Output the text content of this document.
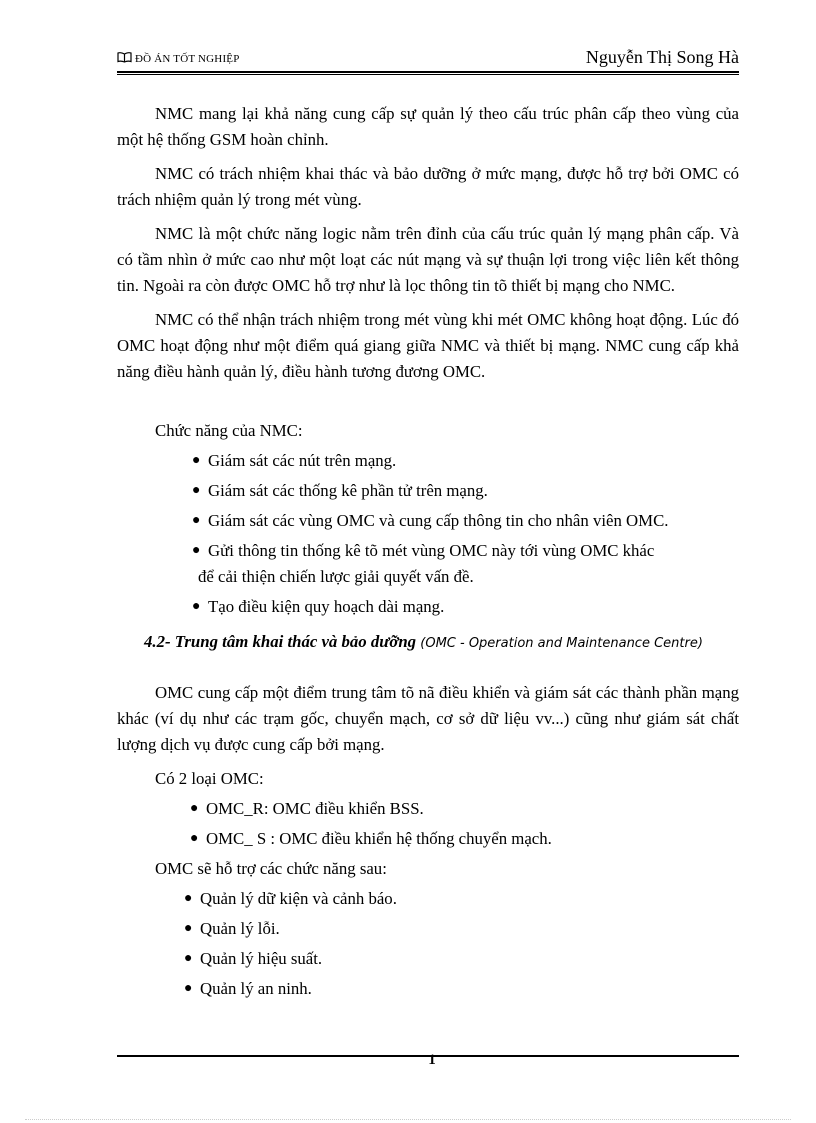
ĐỒ ÁN TỐT NGHIỆP	Nguyễn Thị Song Hà

NMC mang lại khả năng cung cấp sự quản lý theo cấu trúc phân cấp theo vùng của một hệ thống GSM hoàn chỉnh.

NMC có trách nhiệm khai thác và bảo dưỡng ở mức mạng, được hỗ trợ bởi OMC có trách nhiệm quản lý trong mét vùng.

NMC là một chức năng logic nằm trên đỉnh của cấu trúc quản lý mạng phân cấp. Và có tầm nhìn ở mức cao như một loạt các nút mạng và sự thuận lợi trong việc liên kết thông tin. Ngoài ra còn được OMC hỗ trợ như là lọc thông tin tõ thiết bị mạng cho NMC.

NMC có thể nhận trách nhiệm trong mét vùng khi mét OMC không hoạt động. Lúc đó OMC hoạt động như một điểm quá giang giữa NMC và thiết bị mạng. NMC cung cấp khả năng điều hành quản lý, điều hành tương đương OMC.

Chức năng của NMC:

● Giám sát các nút trên mạng.
● Giám sát các thống kê phần tử trên mạng.
● Giám sát các vùng OMC và cung cấp thông tin cho nhân viên OMC.
● Gửi thông tin thống kê tõ mét vùng OMC này tới vùng OMC khác
để cải thiện chiến lược giải quyết vấn đề.
● Tạo điều kiện quy hoạch dài mạng.
4.2- Trung tâm khai thác và bảo dưỡng (OMC - Operation and Maintenance Centre)

OMC cung cấp một điểm trung tâm tõ nã điều khiển và giám sát các thành phần mạng khác (ví dụ như các trạm gốc, chuyển mạch, cơ sở dữ liệu vv...) cũng như giám sát chất lượng dịch vụ được cung cấp bởi mạng.

Có 2 loại OMC:

● OMC_R: OMC điều khiển BSS.
● OMC_ S : OMC điều khiển hệ thống chuyển mạch.

OMC sẽ hỗ trợ các chức năng sau:

● Quản lý dữ kiện và cảnh báo.
● Quản lý lỗi.
● Quản lý hiệu suất.
● Quản lý an ninh.
1
